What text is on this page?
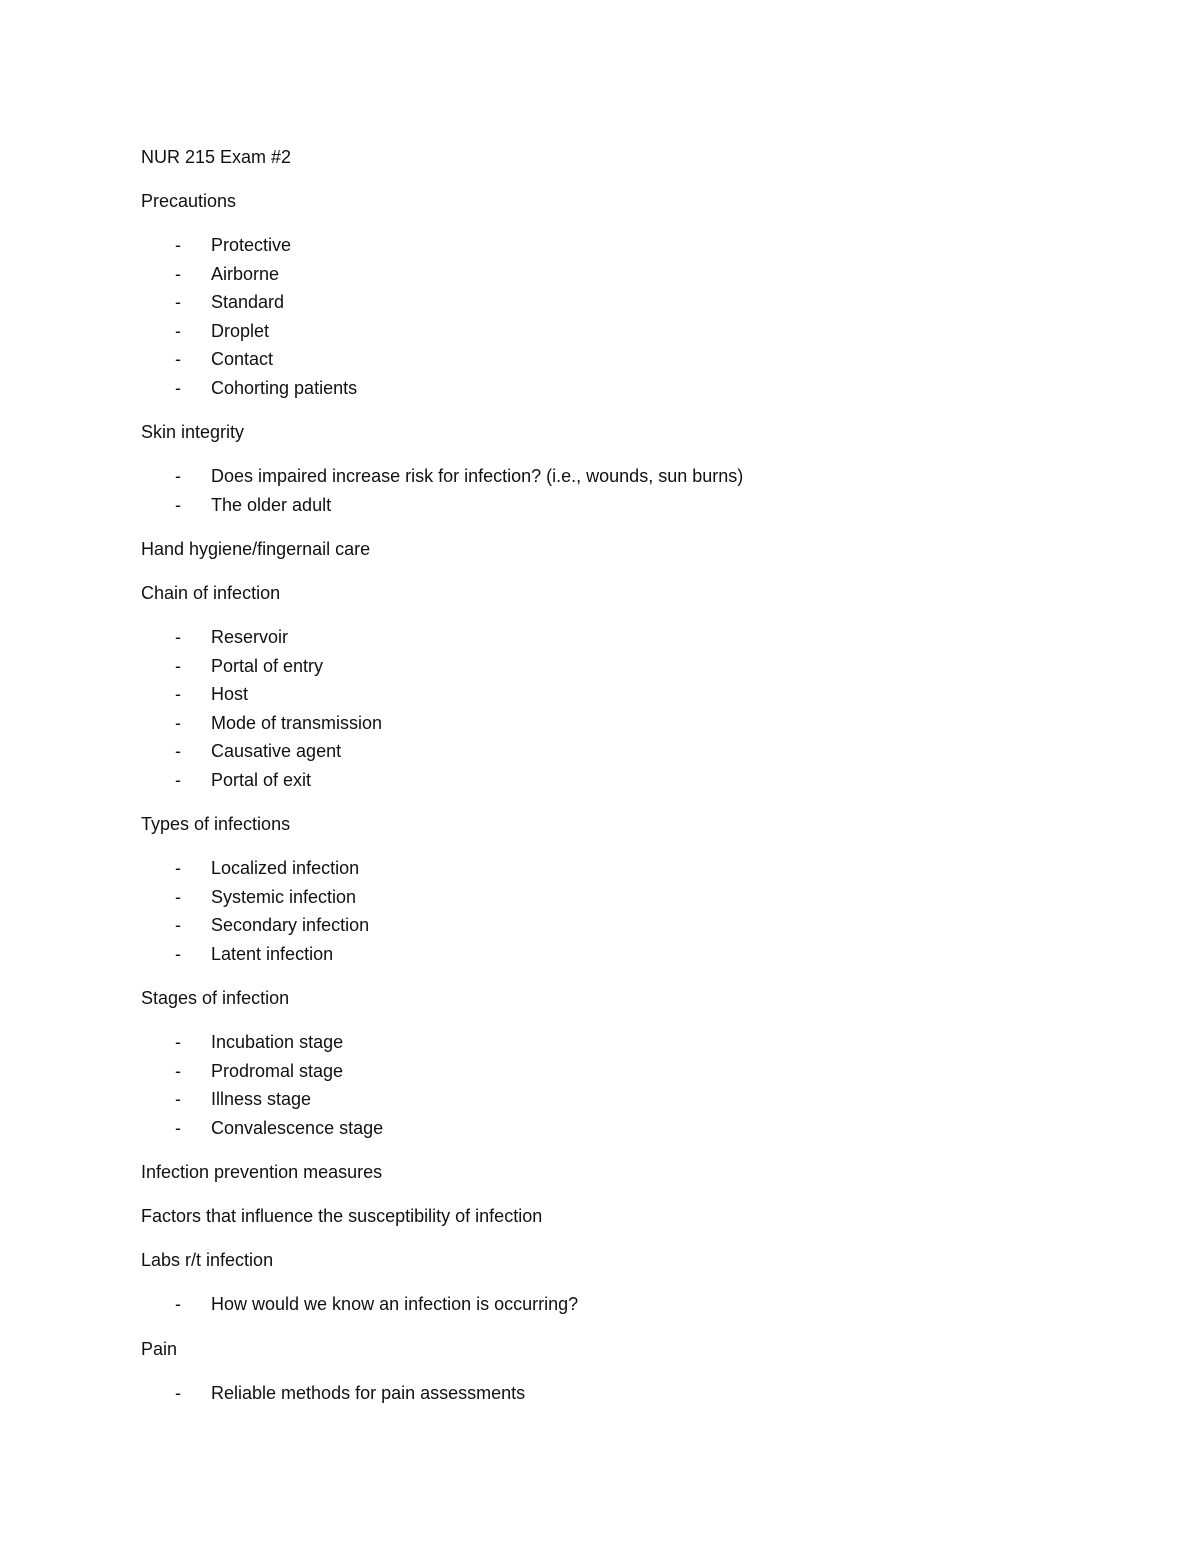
NUR 215 Exam #2
Precautions
- Protective
- Airborne
- Standard
- Droplet
- Contact
- Cohorting patients
Skin integrity
- Does impaired increase risk for infection? (i.e., wounds, sun burns)
- The older adult
Hand hygiene/fingernail care
Chain of infection
- Reservoir
- Portal of entry
- Host
- Mode of transmission
- Causative agent
- Portal of exit
Types of infections
- Localized infection
- Systemic infection
- Secondary infection
- Latent infection
Stages of infection
- Incubation stage
- Prodromal stage
- Illness stage
- Convalescence stage
Infection prevention measures
Factors that influence the susceptibility of infection
Labs r/t infection
- How would we know an infection is occurring?
Pain
- Reliable methods for pain assessments
